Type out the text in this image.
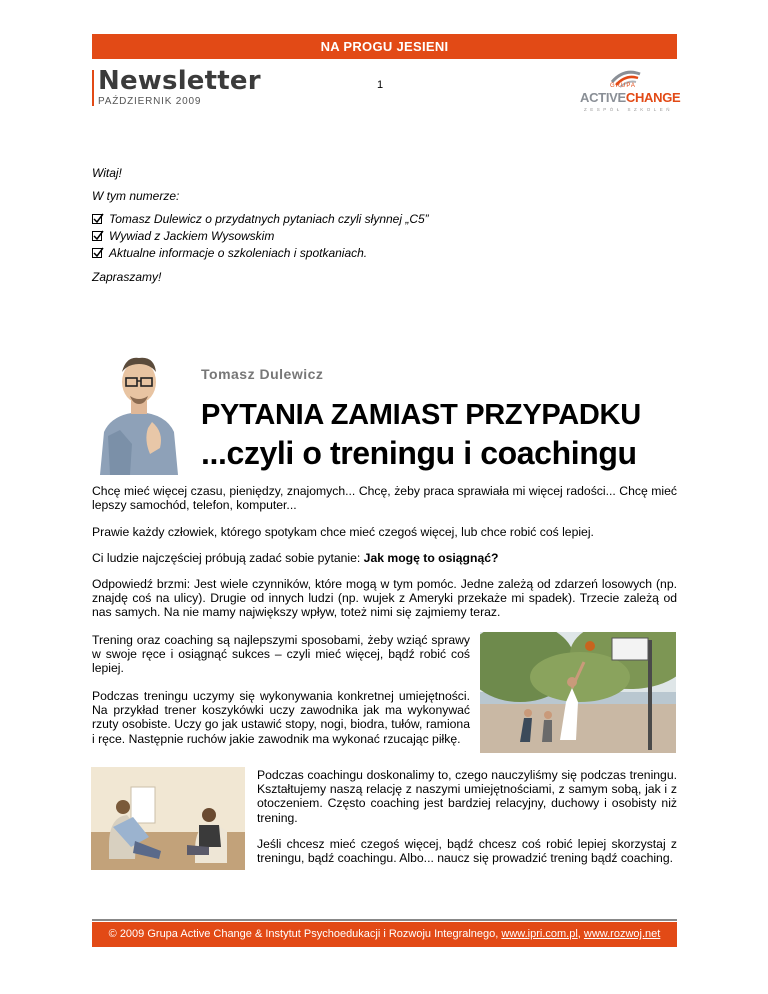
NA PROGU JESIENI
Newsletter
PAŹDZIERNIK 2009
1	GRUPA
ACTIVECHANGE
ZESPÓŁ SZKOLEŃ
Witaj!
W tym numerze:
Tomasz Dulewicz o przydatnych pytaniach czyli słynnej „C5”
Wywiad z Jackiem Wysowskim
Aktualne informacje o szkoleniach i spotkaniach.
Zapraszamy!
Tomasz Dulewicz
PYTANIA ZAMIAST PRZYPADKU
...czyli o treningu i coachingu
Chcę mieć więcej czasu, pieniędzy, znajomych... Chcę, żeby praca sprawiała mi więcej radości... Chcę mieć lepszy samochód, telefon, komputer...
Prawie każdy człowiek, którego spotykam chce mieć czegoś więcej, lub chce robić coś lepiej.
Ci ludzie najczęściej próbują zadać sobie pytanie: Jak mogę to osiągnąć?
Odpowiedź brzmi: Jest wiele czynników, które mogą w tym pomóc. Jedne zależą od zdarzeń losowych (np. znajdę coś na ulicy). Drugie od innych ludzi (np. wujek z Ameryki przekaże mi spadek). Trzecie zależą od nas samych. Na nie mamy największy wpływ, toteż nimi się zajmiemy teraz.
Trening oraz coaching są najlepszymi sposobami, żeby wziąć sprawy w swoje ręce i osiągnąć sukces – czyli mieć więcej, bądź robić coś lepiej.
Podczas treningu uczymy się wykonywania konkretnej umiejętności. Na przykład trener koszykówki uczy zawodnika jak ma wykonywać rzuty osobiste. Uczy go jak ustawić stopy, nogi, biodra, tułów, ramiona i ręce. Następnie ruchów jakie zawodnik ma wykonać rzucając piłkę.
Podczas coachingu doskonalimy to, czego nauczyliśmy się podczas treningu. Kształtujemy naszą relację z naszymi umiejętnościami, z samym sobą, jak i z otoczeniem. Często coaching jest bardziej relacyjny, duchowy i osobisty niż trening.
Jeśli chcesz mieć czegoś więcej, bądź chcesz coś robić lepiej skorzystaj z treningu, bądź coachingu. Albo... naucz się prowadzić trening bądź coaching.
© 2009 Grupa Active Change & Instytut Psychoedukacji i Rozwoju Integralnego, www.ipri.com.pl, www.rozwoj.net
